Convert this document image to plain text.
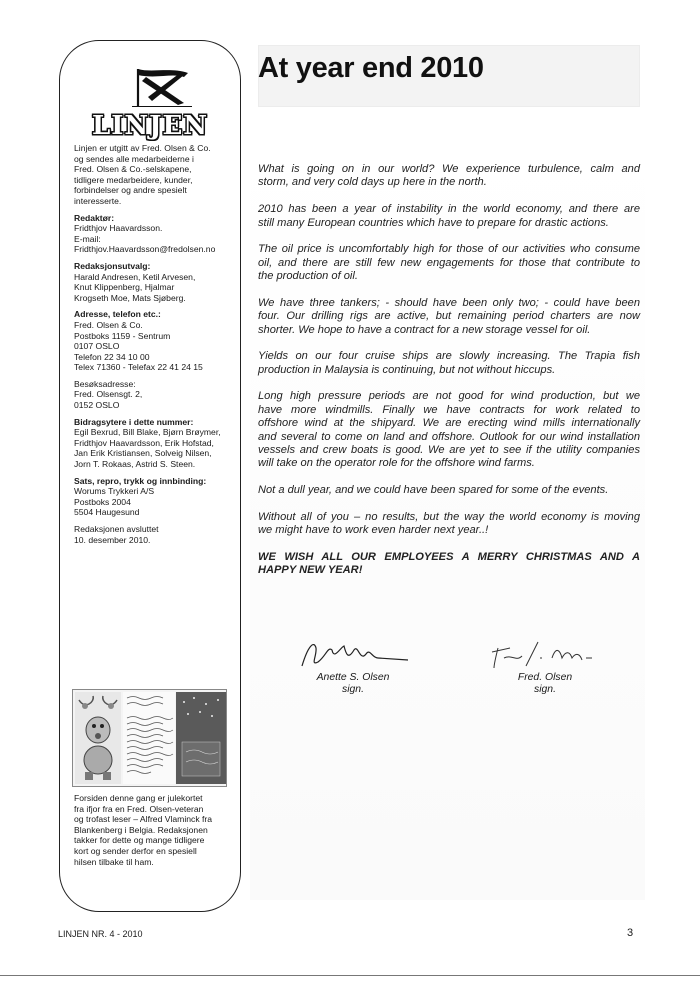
LINJEN
Linjen er utgitt av Fred. Olsen & Co.
og sendes alle medarbeiderne i
Fred. Olsen & Co.-selskapene,
tidligere medarbeidere, kunder,
forbindelser og andre spesielt
interesserte.
Redaktør:
Fridthjov Haavardsson.
E-mail:
Fridthjov.Haavardsson@fredolsen.no
Redaksjonsutvalg:
Harald Andresen, Ketil Arvesen,
Knut Klippenberg, Hjalmar
Krogseth Moe, Mats Sjøberg.
Adresse, telefon etc.:
Fred. Olsen & Co.
Postboks 1159 - Sentrum
0107 OSLO
Telefon 22 34 10 00
Telex 71360 - Telefax 22 41 24 15
Besøksadresse:
Fred. Olsensgt. 2,
0152 OSLO
Bidragsytere i dette nummer:
Egil Bexrud, Bill Blake, Bjørn Brøymer,
Fridthjov Haavardsson, Erik Hofstad,
Jan Erik Kristiansen, Solveig Nilsen,
Jorn T. Rokaas, Astrid S. Steen.
Sats, repro, trykk og innbinding:
Worums Trykkeri A/S
Postboks 2004
5504 Haugesund
Redaksjonen avsluttet
10. desember 2010.
Forsiden denne gang er julekortet
fra ifjor fra en Fred. Olsen-veteran
og trofast leser – Alfred Vlaminck fra
Blankenberg i Belgia. Redaksjonen
takker for dette og mange tidligere
kort og sender derfor en spesiell
hilsen tilbake til ham.
At year end 2010

What is going on in our world? We experience turbulence, calm and
storm, and very cold days up here in the north.

2010 has been a year of instability in the world economy, and there are
still many European countries which have to prepare for drastic actions.

The oil price is uncomfortably high for those of our activities who consume
oil, and there are still few new engagements for those that contribute to
the production of oil.

We have three tankers; - should have been only two; - could have been
four. Our drilling rigs are active, but remaining period charters are now
shorter. We hope to have a contract for a new storage vessel for oil.

Yields on our four cruise ships are slowly increasing. The Trapia fish
production in Malaysia is continuing, but not without hiccups.

Long high pressure periods are not good for wind production, but we
have more windmills. Finally we have contracts for work related to
offshore wind at the shipyard. We are erecting wind mills internationally
and several to come on land and offshore. Outlook for our wind installation
vessels and crew boats is good. We are yet to see if the utility companies
will take on the operator role for the offshore wind farms.

Not a dull year, and we could have been spared for some of the events.

Without all of you – no results, but the way the world economy is moving
we might have to work even harder next year..!

WE WISH ALL OUR EMPLOYEES A MERRY CHRISTMAS AND A
HAPPY NEW YEAR!

Anette S. Olsen
sign.
Fred. Olsen
sign.
LINJEN NR. 4 - 2010	3
